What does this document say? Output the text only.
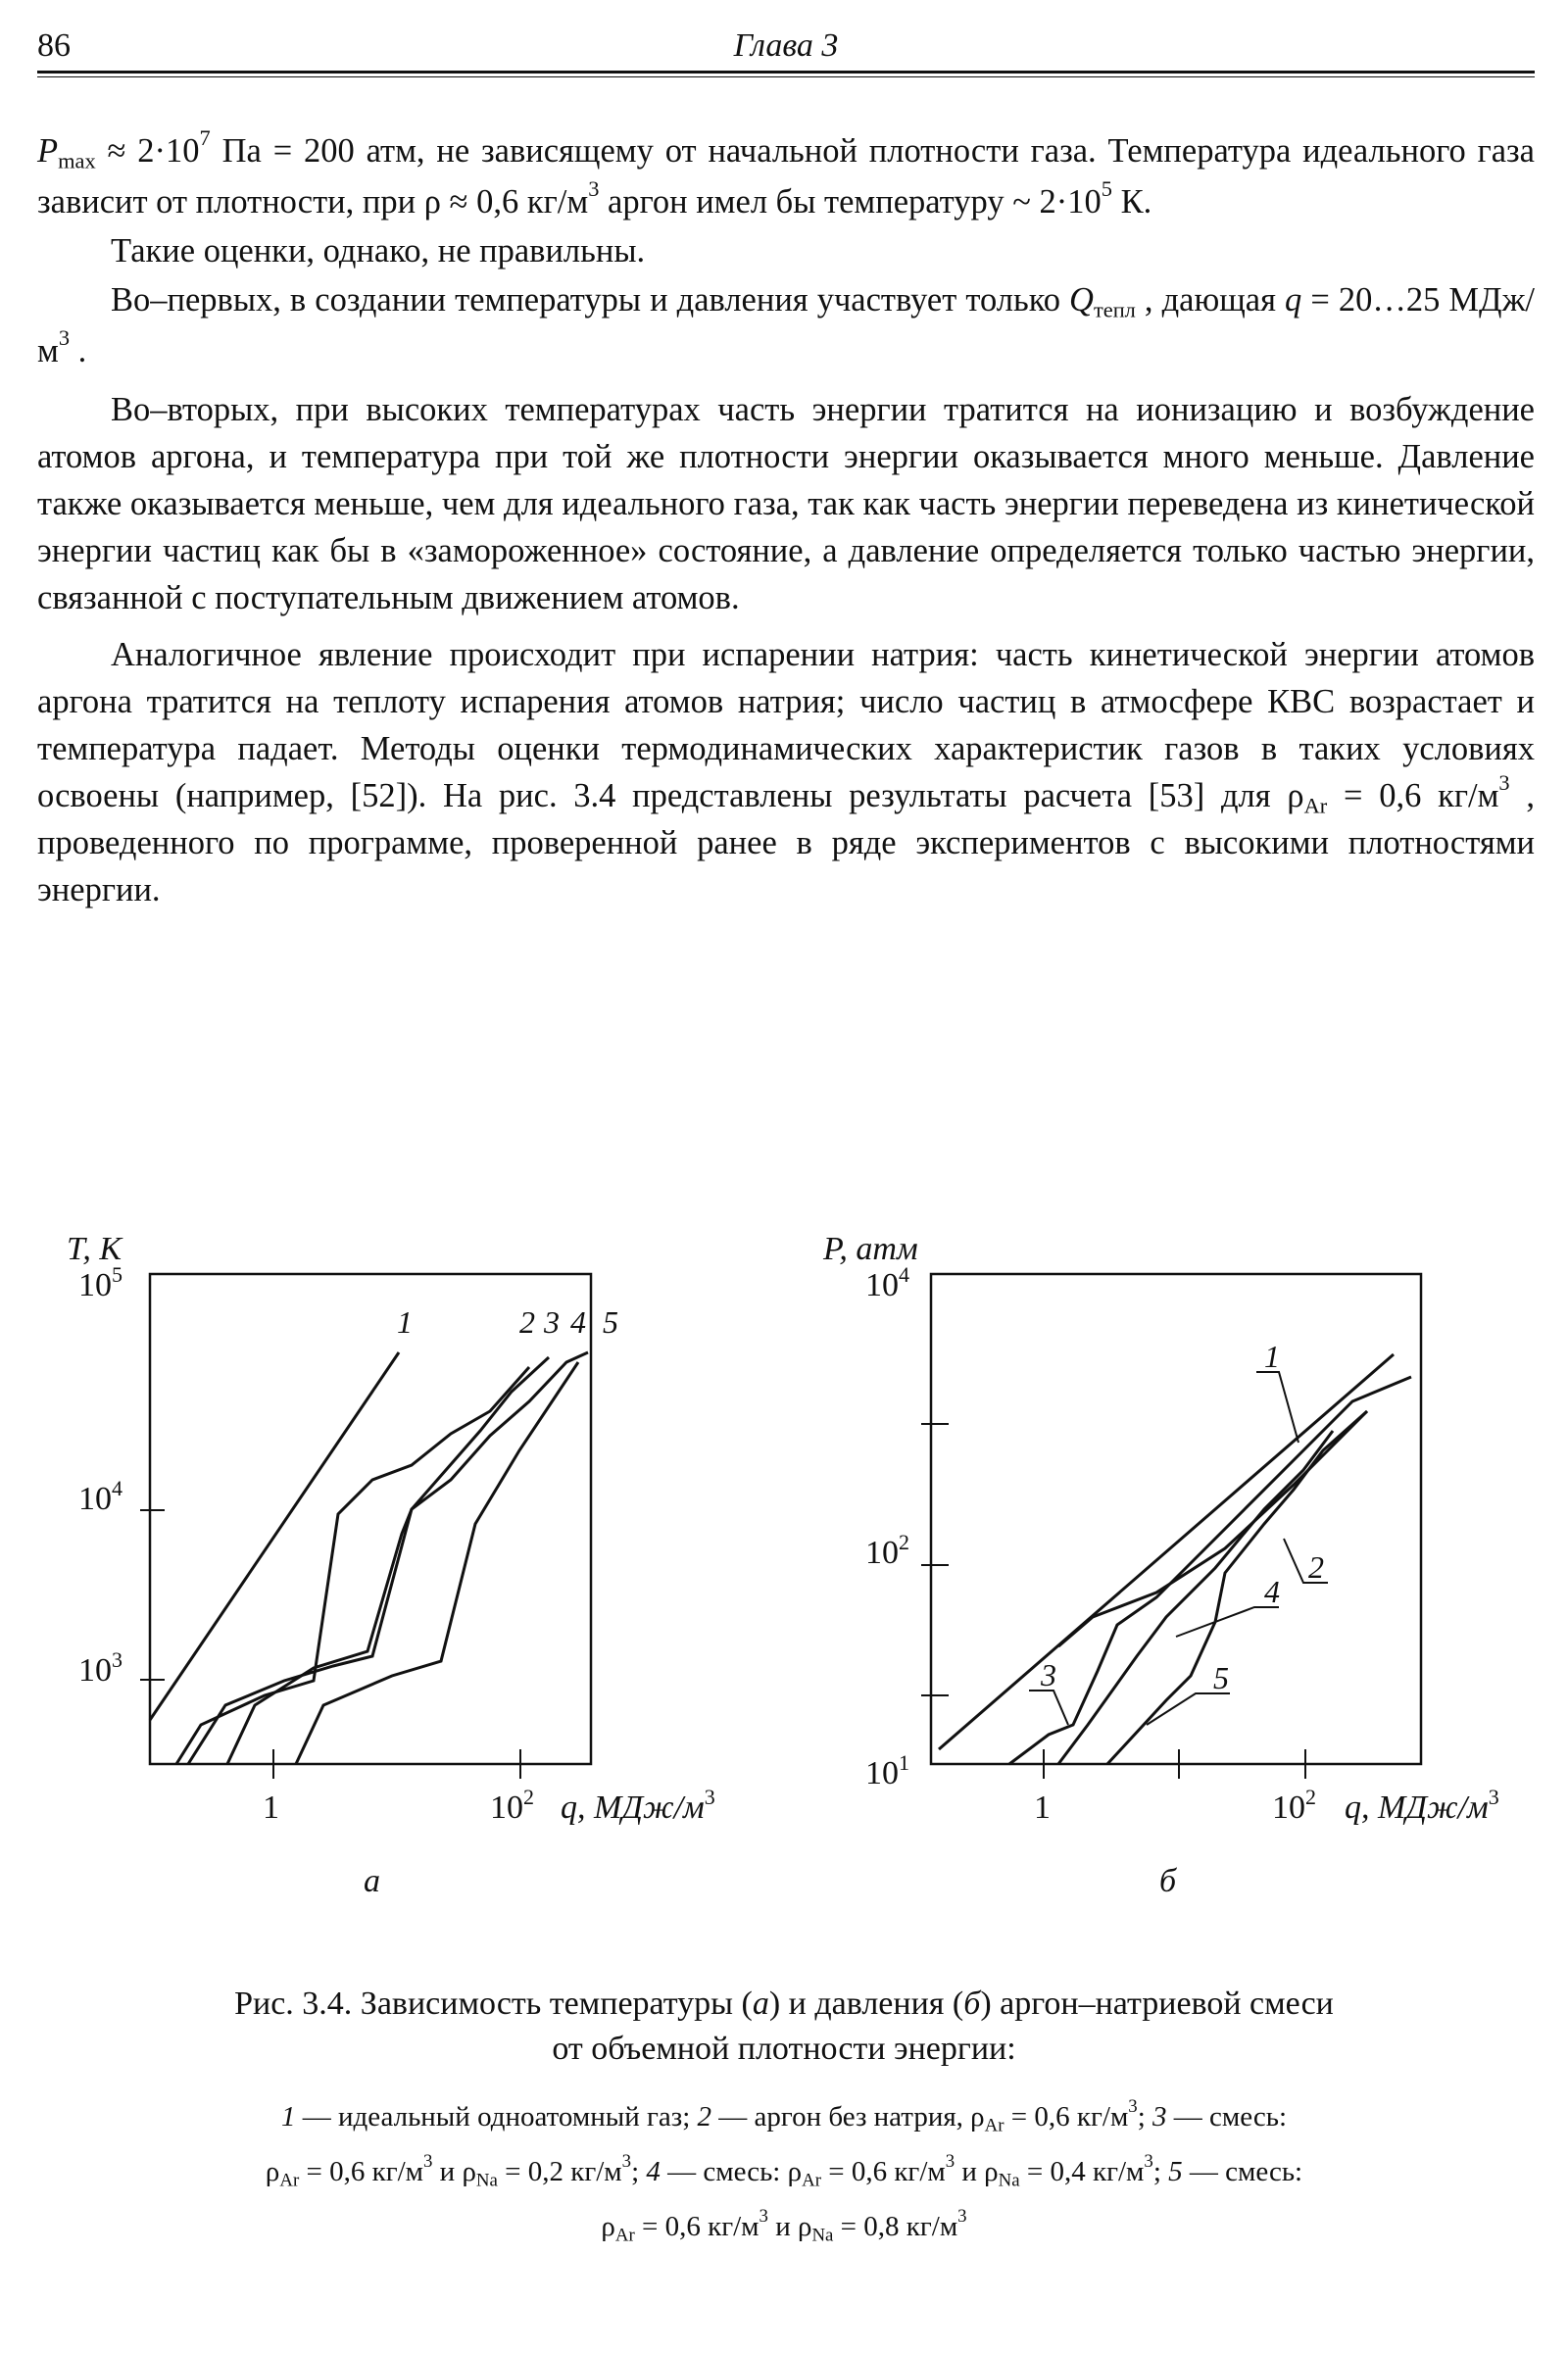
86	Глава 3

$P_{max} \approx 2\cdot 10^7$ Па = 200 атм, не зависящему от начальной плотности газа. Температура идеального газа зависит от плотности, при ρ ≈ 0,6 $кг/м^3$ аргон имел бы температуру ~ $2\cdot 10^5$ К.

Такие оценки, однако, не правильны.

Во–первых, в создании температуры и давления участвует только $Q_{тепл}$ , дающая q = 20…25 МДж/$м^3$ .

Во–вторых, при высоких температурах часть энергии тратится на ионизацию и возбуждение атомов аргона, и температура при той же плотности энергии оказывается много меньше. Давление также оказывается меньше, чем для идеального газа, так как часть энергии переведена из кинетической энергии частиц как бы в «замороженное» состояние, а давление определяется только частью энергии, связанной с поступательным движением атомов.

Аналогичное явление происходит при испарении натрия: часть кинетической энергии атомов аргона тратится на теплоту испарения атомов натрия; число частиц в атмосфере КВС возрастает и температура падает. Методы оценки термодинамических характеристик газов в таких условиях освоены (например, [52]). На рис. 3.4 представлены результаты расчета [53] для $\rho_{Ar} = 0,6$ $кг/м^3$ , проведенного по программе, проверенной ранее в ряде экспериментов с высокими плотностями энергии.

T, К
$10^5$
$10^4$
$10^3$
1	$10^2$ q, МДж/$м^3$
а
1	2 3 4 5
P, атм
$10^4$
$10^2$
$10^1$
1	$10^2$ q, МДж/$м^3$
б
1
2
3
4
5
Рис. 3.4. Зависимость температуры (а) и давления (б) аргон–натриевой смеси
от объемной плотности энергии:
1 — идеальный одноатомный газ; 2 — аргон без натрия, $\rho_{Ar} = 0,6$ $кг/м^3$; 3 — смесь:
$\rho_{Ar} = 0,6$ $кг/м^3$ и $\rho_{Na} = 0,2$ $кг/м^3$; 4 — смесь: $\rho_{Ar} = 0,6$ $кг/м^3$ и $\rho_{Na} = 0,4$ $кг/м^3$; 5 — смесь:
$\rho_{Ar} = 0,6$ $кг/м^3$ и $\rho_{Na} = 0,8$ $кг/м^3$
